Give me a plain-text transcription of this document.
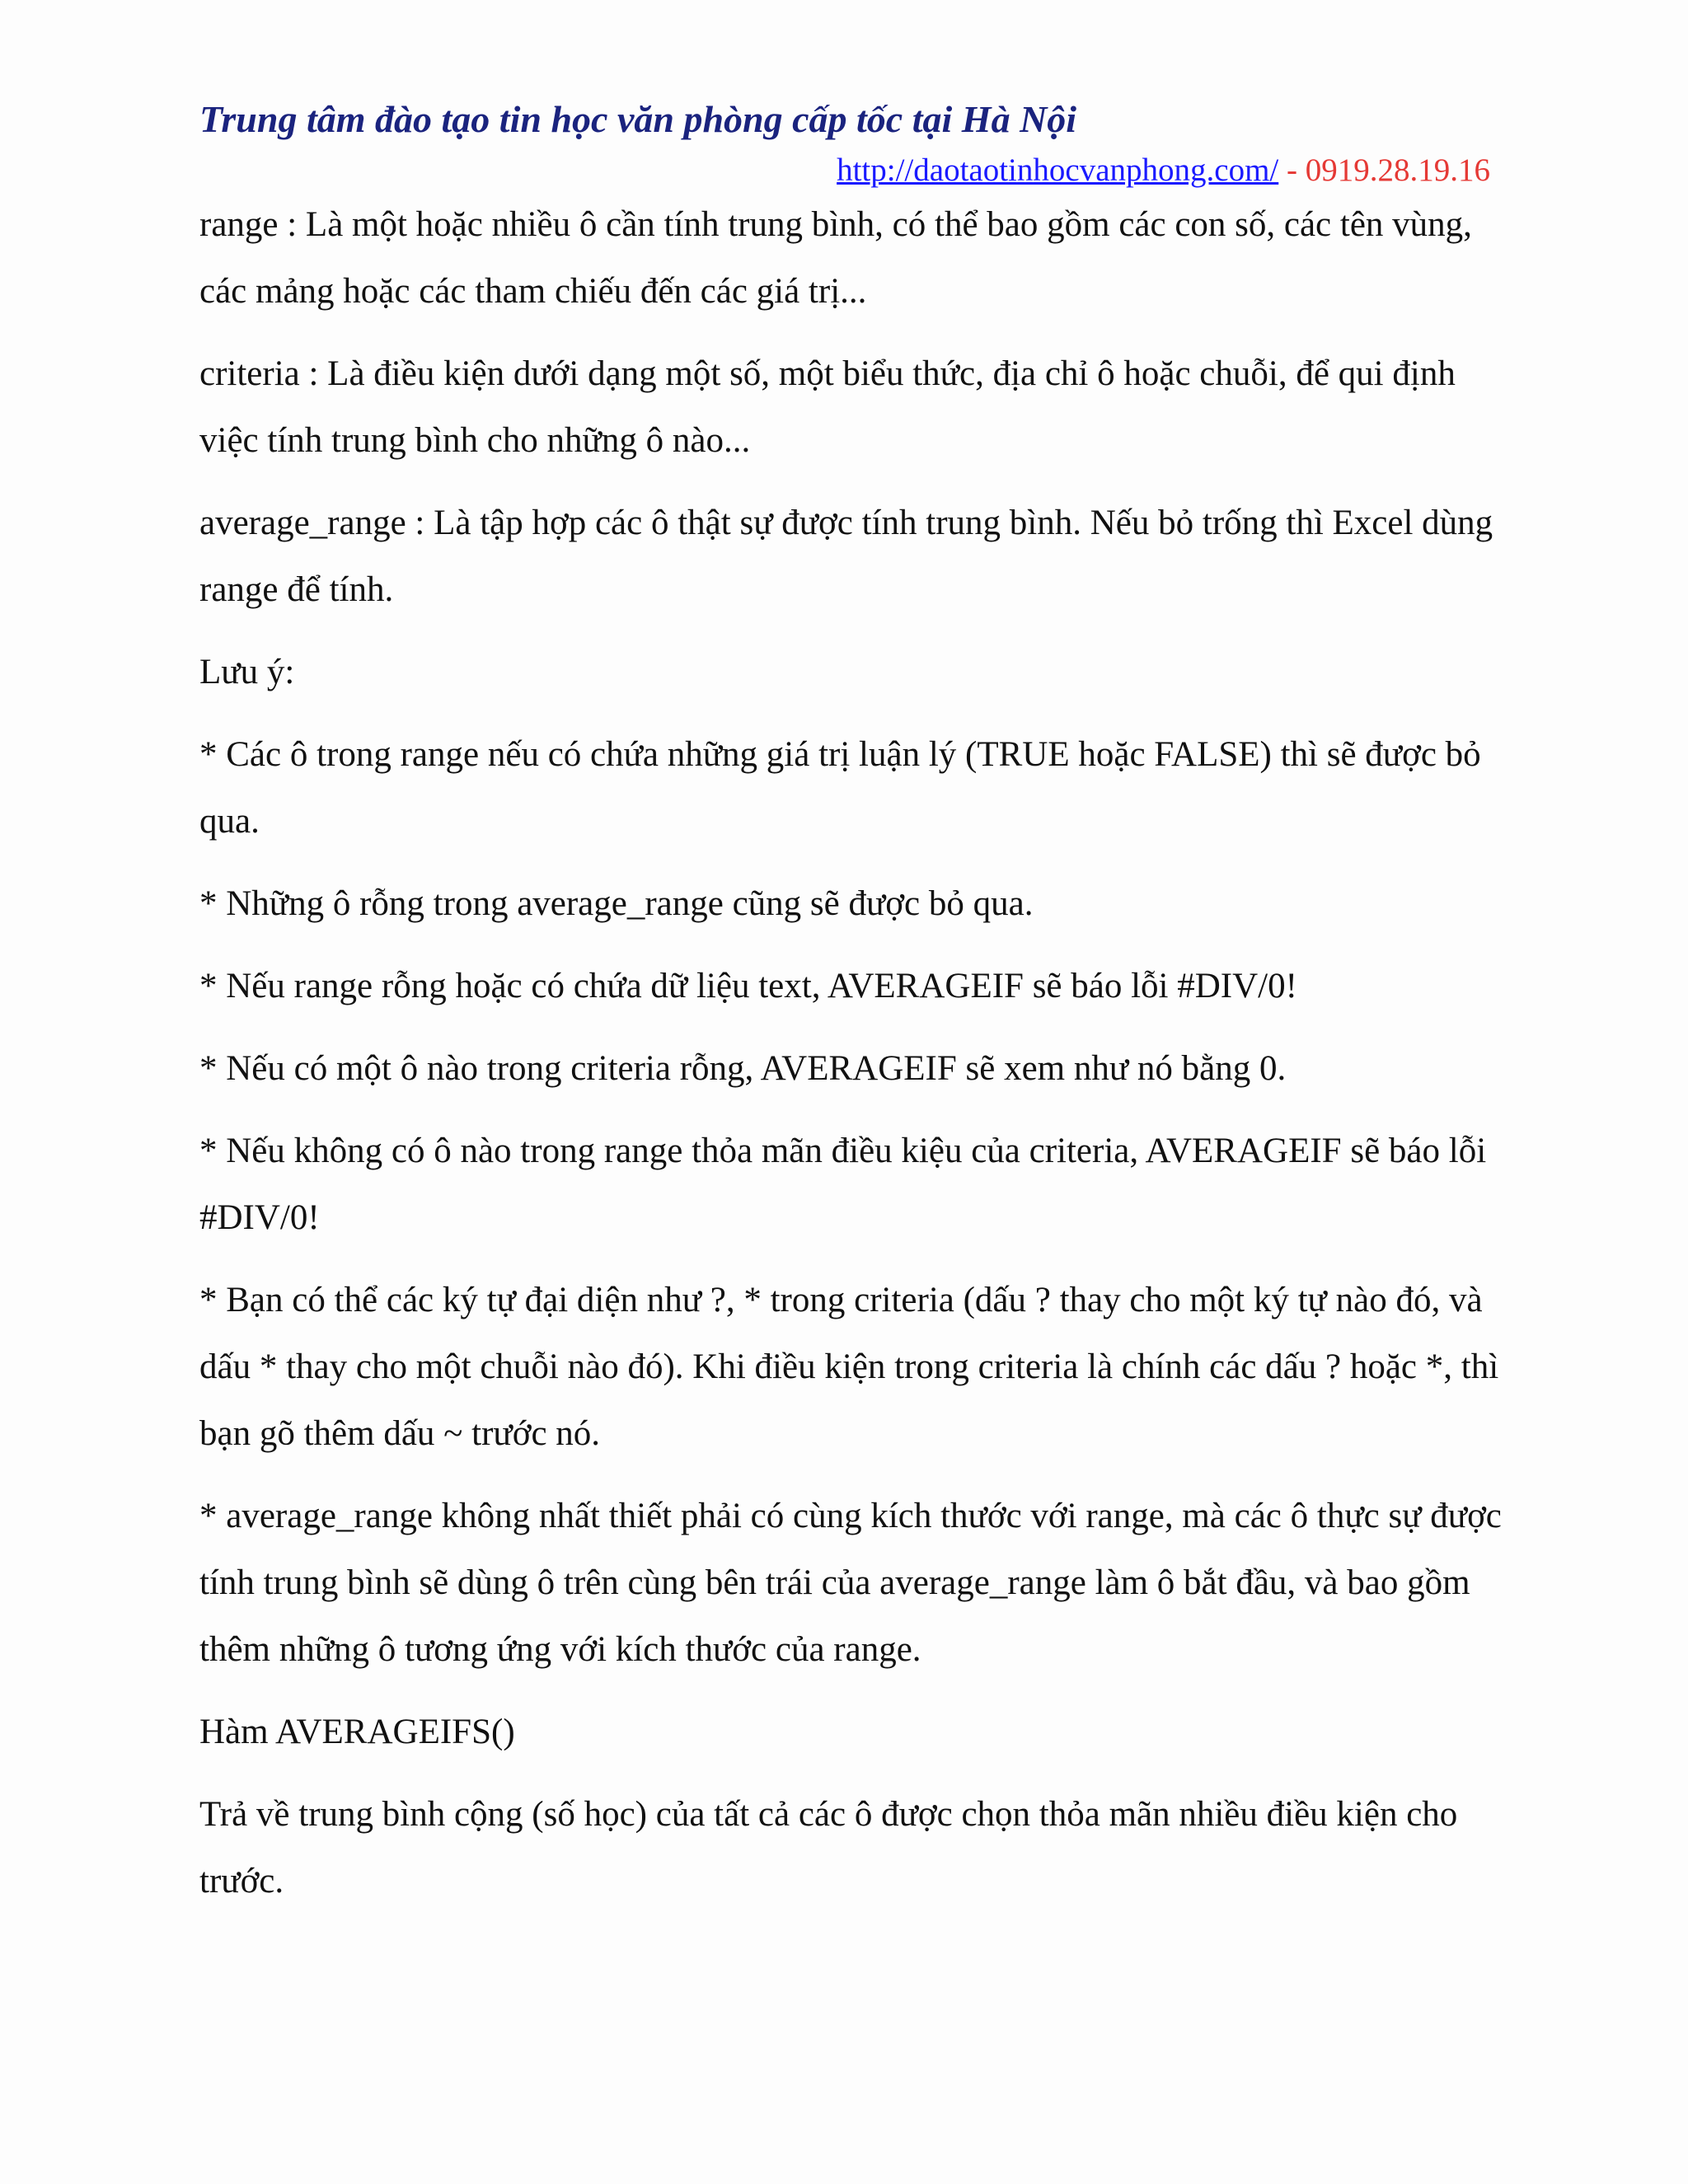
Trung tâm đào tạo tin học văn phòng cấp tốc tại Hà Nội
http://daotaotinhocvanphong.com/ - 0919.28.19.16

range : Là một hoặc nhiều ô cần tính trung bình, có thể bao gồm các con số, các tên vùng, các mảng hoặc các tham chiếu đến các giá trị...

criteria : Là điều kiện dưới dạng một số, một biểu thức, địa chỉ ô hoặc chuỗi, để qui định việc tính trung bình cho những ô nào...

average_range : Là tập hợp các ô thật sự được tính trung bình. Nếu bỏ trống thì Excel dùng range để tính.

Lưu ý:

* Các ô trong range nếu có chứa những giá trị luận lý (TRUE hoặc FALSE) thì sẽ được bỏ qua.

* Những ô rỗng trong average_range cũng sẽ được bỏ qua.

* Nếu range rỗng hoặc có chứa dữ liệu text, AVERAGEIF sẽ báo lỗi #DIV/0!

* Nếu có một ô nào trong criteria rỗng, AVERAGEIF sẽ xem như nó bằng 0.

* Nếu không có ô nào trong range thỏa mãn điều kiệu của criteria, AVERAGEIF sẽ báo lỗi #DIV/0!

* Bạn có thể các ký tự đại diện như ?, * trong criteria (dấu ? thay cho một ký tự nào đó, và dấu * thay cho một chuỗi nào đó). Khi điều kiện trong criteria là chính các dấu ? hoặc *, thì bạn gõ thêm dấu ~ trước nó.

* average_range không nhất thiết phải có cùng kích thước với range, mà các ô thực sự được tính trung bình sẽ dùng ô trên cùng bên trái của average_range làm ô bắt đầu, và bao gồm thêm những ô tương ứng với kích thước của range.

Hàm AVERAGEIFS()

Trả về trung bình cộng (số học) của tất cả các ô được chọn thỏa mãn nhiều điều kiện cho trước.
